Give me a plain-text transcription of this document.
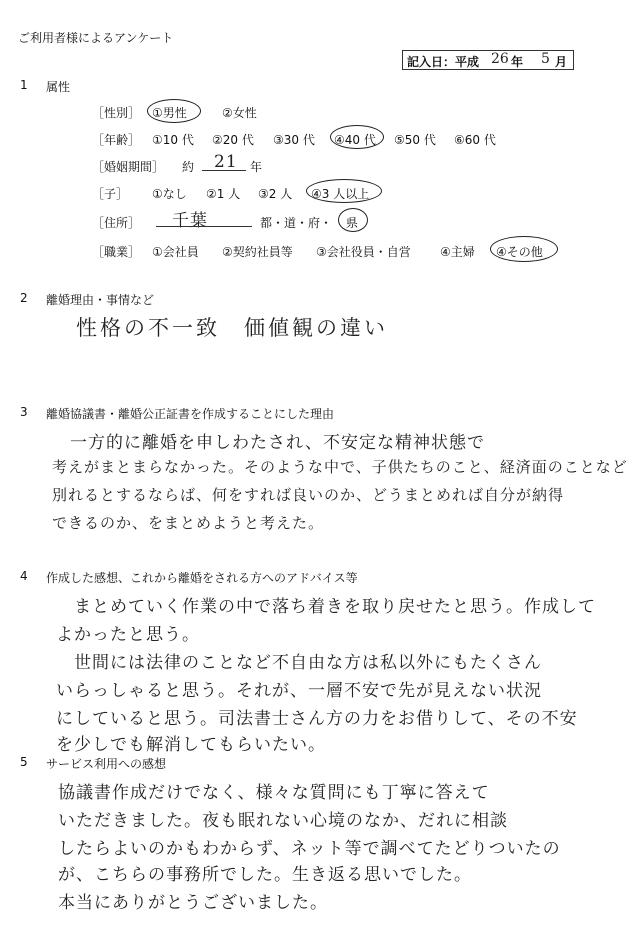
ご利用者様によるアンケート
記入日：平成 26 年 5 月
1 属性
［性別］ ①男性	②女性
［年齢］ ①10 代 ②20 代 ③30 代 ④40 代 ⑤50 代 ⑥60 代
［婚姻期間］ 約 21 年
［子］ ①なし ②1 人 ③2 人 ④3 人以上
［住所］ 千葉	都・道・府・ 県
［職業］ ①会社員 ②契約社員等 ③会社役員・自営 ④主婦 ④その他
2 離婚理由・事情など
性格の不一致　価値観の違い
3 離婚協議書・離婚公正証書を作成することにした理由
一方的に離婚を申しわたされ、不安定な精神状態で
考えがまとまらなかった。そのような中で、子供たちのこと、経済面のことなど
別れるとするならば、何をすれば良いのか、どうまとめれば自分が納得
できるのか、をまとめようと考えた。
4 作成した感想、これから離婚をされる方へのアドバイス等
まとめていく作業の中で落ち着きを取り戻せたと思う。作成して
よかったと思う。
世間には法律のことなど不自由な方は私以外にもたくさん
いらっしゃると思う。それが、一層不安で先が見えない状況
にしていると思う。司法書士さん方の力をお借りして、その不安
を少しでも解消してもらいたい。
5 サービス利用への感想
協議書作成だけでなく、様々な質問にも丁寧に答えて
いただきました。夜も眠れない心境のなか、だれに相談
したらよいのかもわからず、ネット等で調べてたどりついたの
が、こちらの事務所でした。生き返る思いでした。
本当にありがとうございました。
